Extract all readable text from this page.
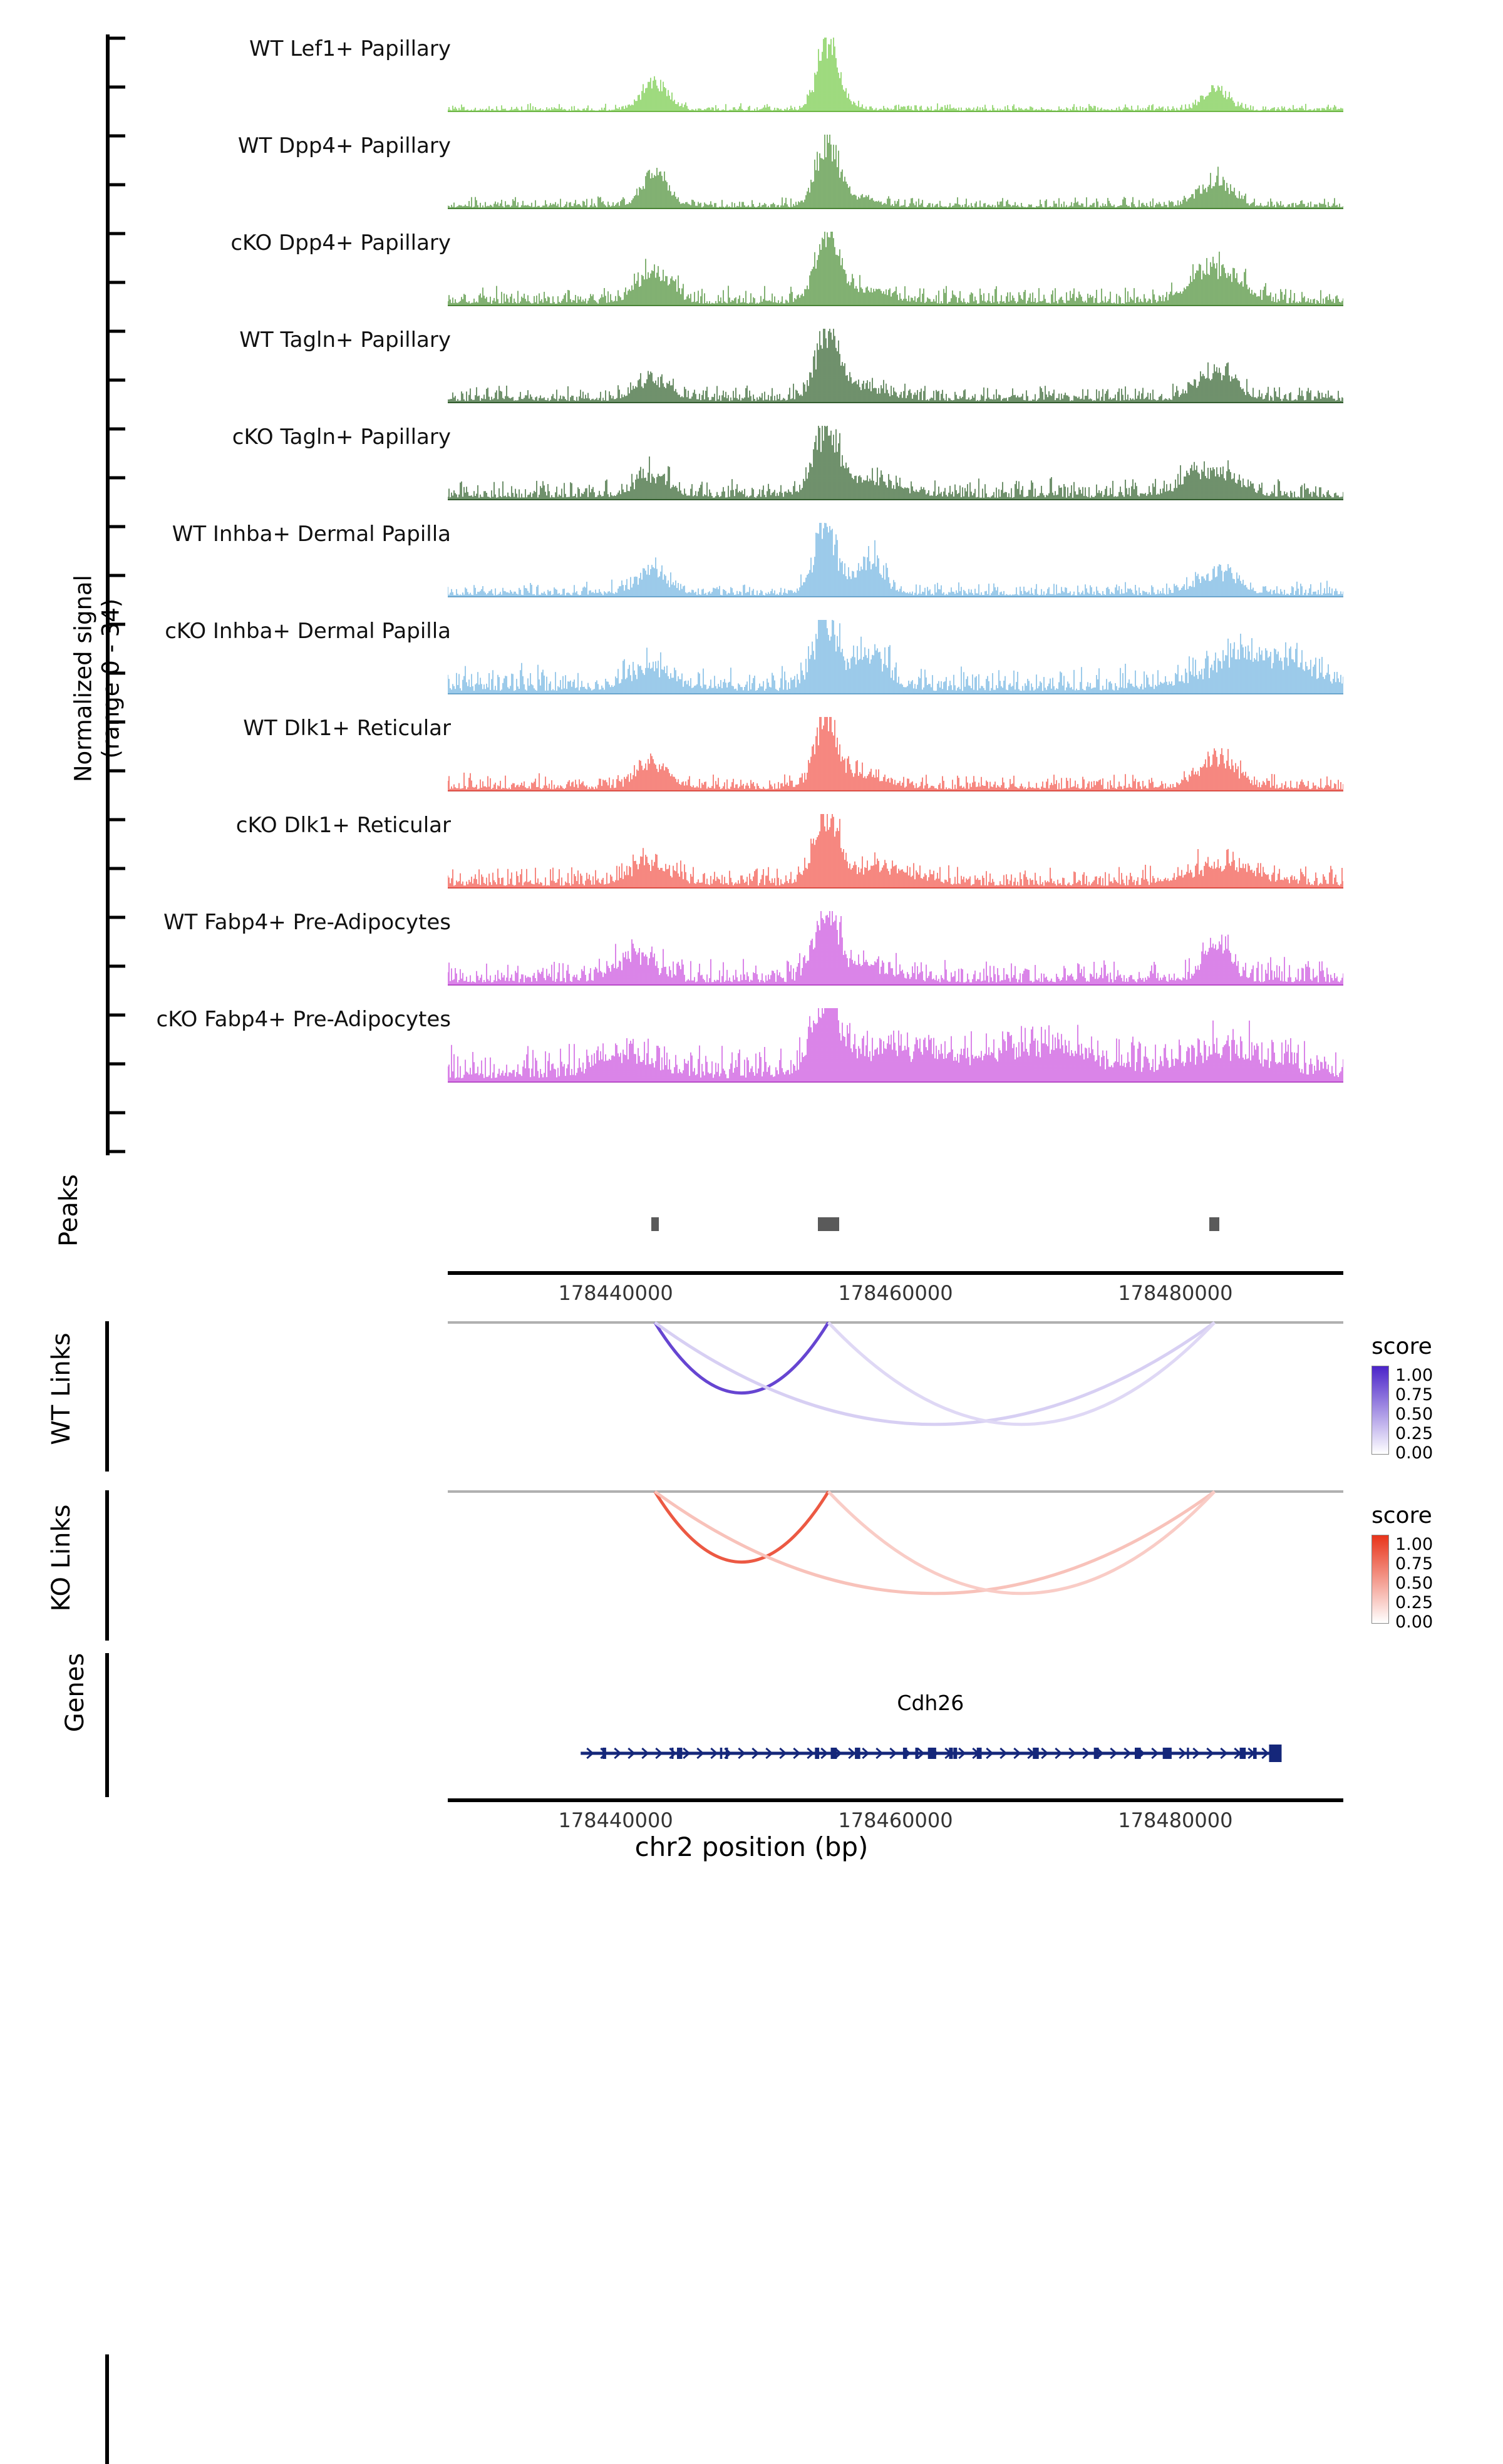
Normalized signal (range 0 - 34)
WT Lef1+ Papillary
WT Dpp4+ Papillary
cKO Dpp4+ Papillary
WT Tagln+ Papillary
cKO Tagln+ Papillary
WT Inhba+ Dermal Papilla
cKO Inhba+ Dermal Papilla
WT Dlk1+ Reticular
cKO Dlk1+ Reticular
WT Fabp4+ Pre-Adipocytes
cKO Fabp4+ Pre-Adipocytes
Peaks
178440000	178460000	178480000
WT Links	score
1.00
0.75
0.50
0.25
0.00
KO Links	score
1.00
0.75
0.50
0.25
0.00
Genes	Cdh26
178440000	178460000	178480000
chr2 position (bp)
